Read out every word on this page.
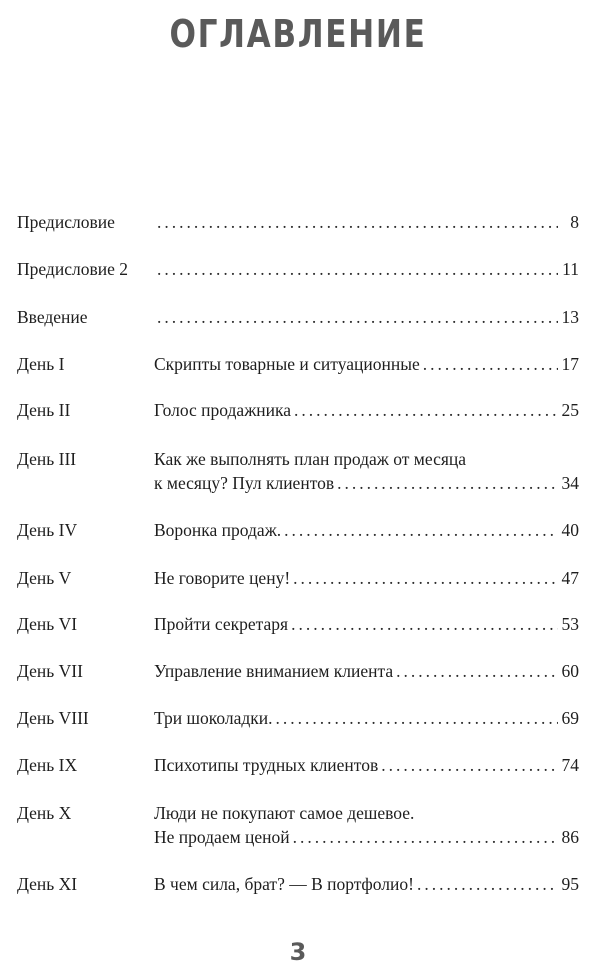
ОГЛАВЛЕНИЕ
Предисловие .....	8
Предисловие 2 .....	11
Введение .....	13
День I	Скрипты товарные и ситуационные .....	17
День II	Голос продажника .....	25
День III	Как же выполнять план продаж от месяца
к месяцу? Пул клиентов .....	34
День IV	Воронка продаж. .....	40
День V	Не говорите цену! .....	47
День VI	Пройти секретаря .....	53
День VII	Управление вниманием клиента .....	60
День VIII	Три шоколадки. .....	69
День IX	Психотипы трудных клиентов .....	74
День X	Люди не покупают самое дешевое.
Не продаем ценой .....	86
День XI	В чем сила, брат? — В портфолио! .....	95
3
